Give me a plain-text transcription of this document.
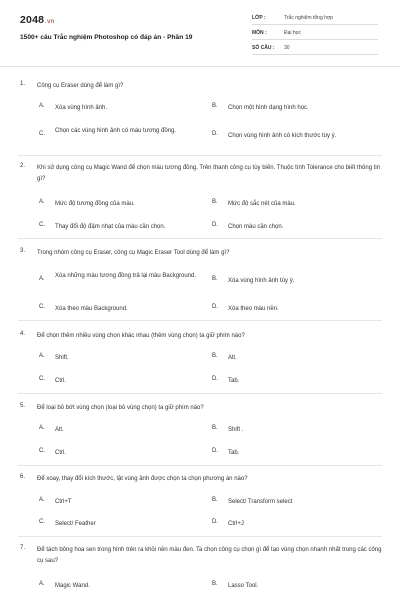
2048.vn
1500+ câu Trắc nghiệm Photoshop có đáp án - Phần 19
LỚP :	Trắc nghiệm tổng hợp
MÔN :	Đại học
SỐ CÂU : 30
1. Công cụ Eraser dùng để làm gì?
A. Xóa vùng hình ảnh.	B. Chọn một hình dạng hình học.
C. Chọn các vùng hình ảnh có màu tương đồng.	D. Chọn vùng hình ảnh có kích thước tùy ý.
2. Khi sử dụng công cụ Magic Wand để chọn màu tương đồng. Trên thanh công cụ tùy biến. Thuộc tính Tolerance cho biết thông tin gì?
A. Mức độ tương đồng của màu.	B. Mức độ sắc nét của màu.
C. Thay đổi độ đậm nhạt của màu cần chọn.	D. Chọn màu cần chọn.
3. Trong nhóm công cụ Eraser, công cụ Magic Eraser Tool dùng để làm gì?
A. Xóa những màu tương đồng trả lại màu Background.	B. Xóa vùng hình ảnh tùy ý.
C. Xóa theo màu Background.	D. Xóa theo màu nền.
4. Để chọn thêm nhiều vùng chọn khác nhau (thêm vùng chọn) ta giữ phím nào?
A. Shift.	B. Alt.
C. Ctrl.	D. Tab.
5. Để loại bỏ bớt vùng chọn (loại bỏ vùng chọn) ta giữ phím nào?
A. Alt.	B. Shift .
C. Ctrl.	D. Tab.
6. Để xoay, thay đổi kích thước, lật vùng ảnh được chọn ta chọn phương án nào?
A. Ctrl+T	B. Select/ Transform select
C. Select/ Feather	D. Ctrl+J
7. Để tách bông hoa sen trong hình trên ra khỏi nền màu đen. Ta chọn công cụ chọn gì để tạo vùng chọn nhanh nhất trong các công cụ sau?
A. Magic Wand.	B. Lasso Tool.
